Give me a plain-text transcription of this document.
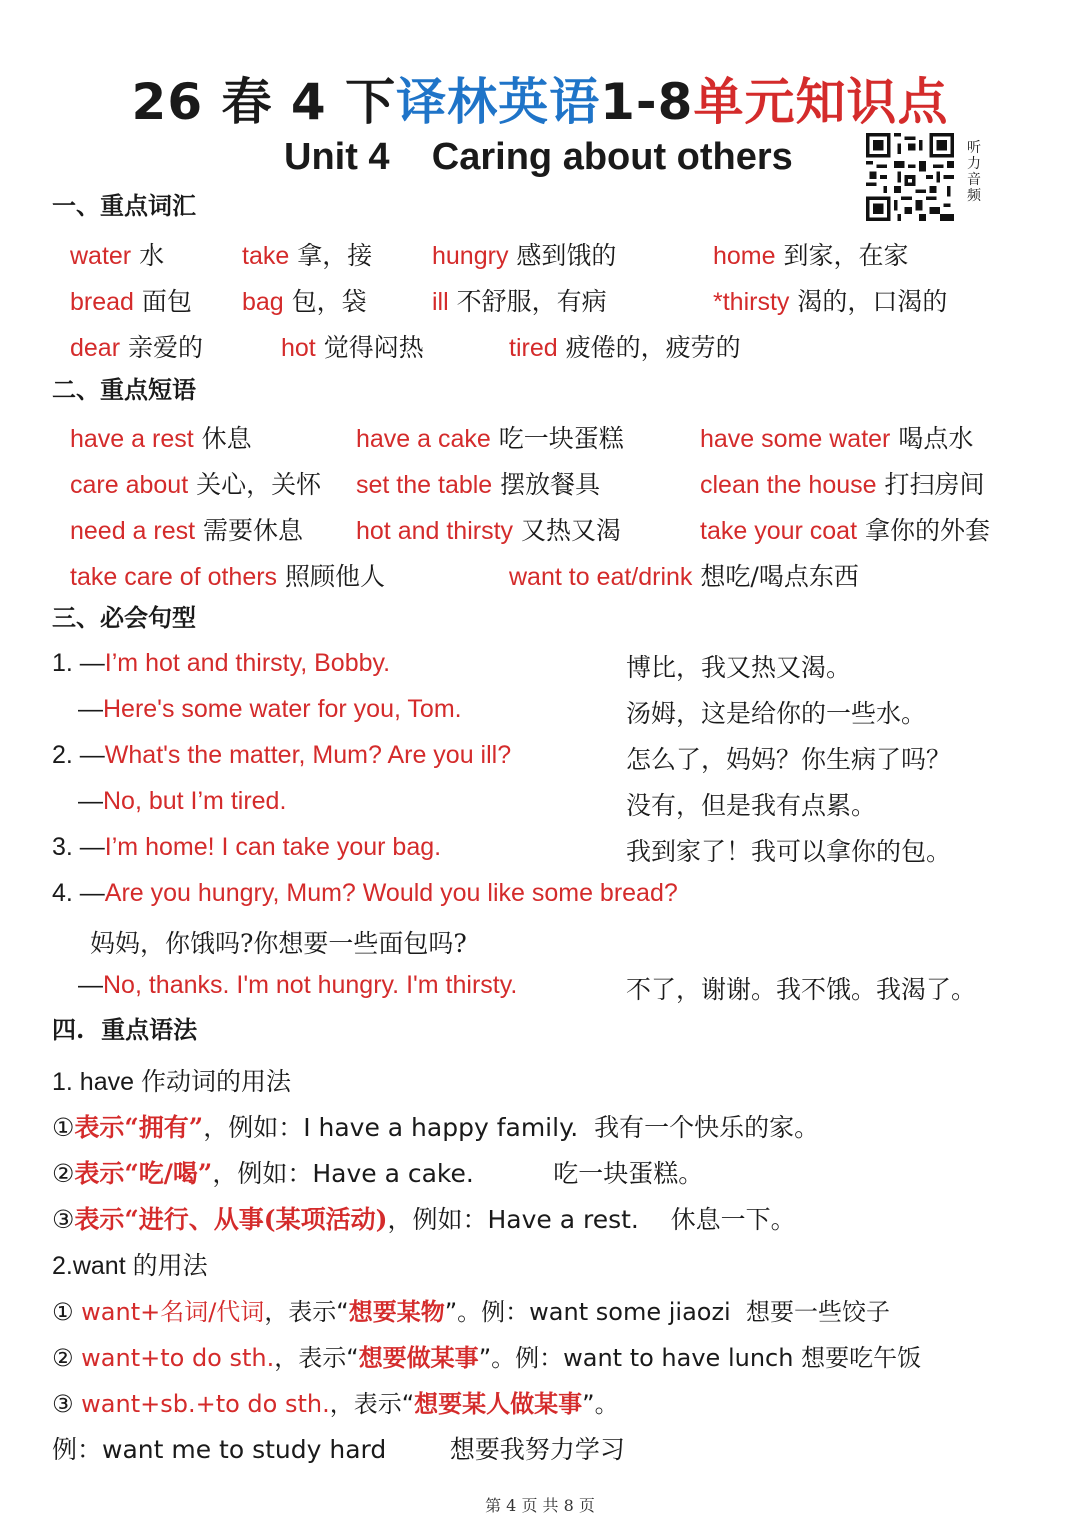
26 春 4 下译林英语1-8单元知识点
Unit 4    Caring about others	听力音频
一、重点词汇
water 水	take 拿，接 hungry 感到饿的	home 到家，在家
bread 面包 bag 包，袋	ill 不舒服，有病	*thirsty 渴的，口渴的
dear 亲爱的	hot 觉得闷热	tired 疲倦的，疲劳的
二、重点短语
have a rest 休息	have a cake 吃一块蛋糕	have some water 喝点水
care about 关心，关怀 set the table 摆放餐具	clean the house 打扫房间
need a rest 需要休息 hot and thirsty 又热又渴	take your coat 拿你的外套
take care of others 照顾他人	want to eat/drink 想吃/喝点东西
三、必会句型
1. —I’m hot and thirsty, Bobby.	博比，我又热又渴。
—Here's some water for you, Tom.	汤姆，这是给你的一些水。
2. —What's the matter, Mum? Are you ill?	怎么了，妈妈？你生病了吗？
—No, but I’m tired.	没有，但是我有点累。
3. —I’m home! I can take your bag.	我到家了！我可以拿你的包。
4. —Are you hungry, Mum? Would you like some bread?
妈妈，你饿吗?你想要一些面包吗?
—No, thanks. I'm not hungry. I'm thirsty.	不了，谢谢。我不饿。我渴了。
四.  重点语法
1. have 作动词的用法
①表示“拥有”，例如：I have a happy family.  我有一个快乐的家。
②表示“吃/喝”，例如：Have a cake.          吃一块蛋糕。
③表示“进行、从事(某项活动)，例如：Have a rest.    休息一下。
2.want 的用法
① want+名词/代词，表示“想要某物”。例：want some jiaozi  想要一些饺子
② want+to do sth.，表示“想要做某事”。例：want to have lunch 想要吃午饭
③ want+sb.+to do sth.，表示“想要某人做某事”。
例：want me to study hard        想要我努力学习
第 4 页 共 8 页
